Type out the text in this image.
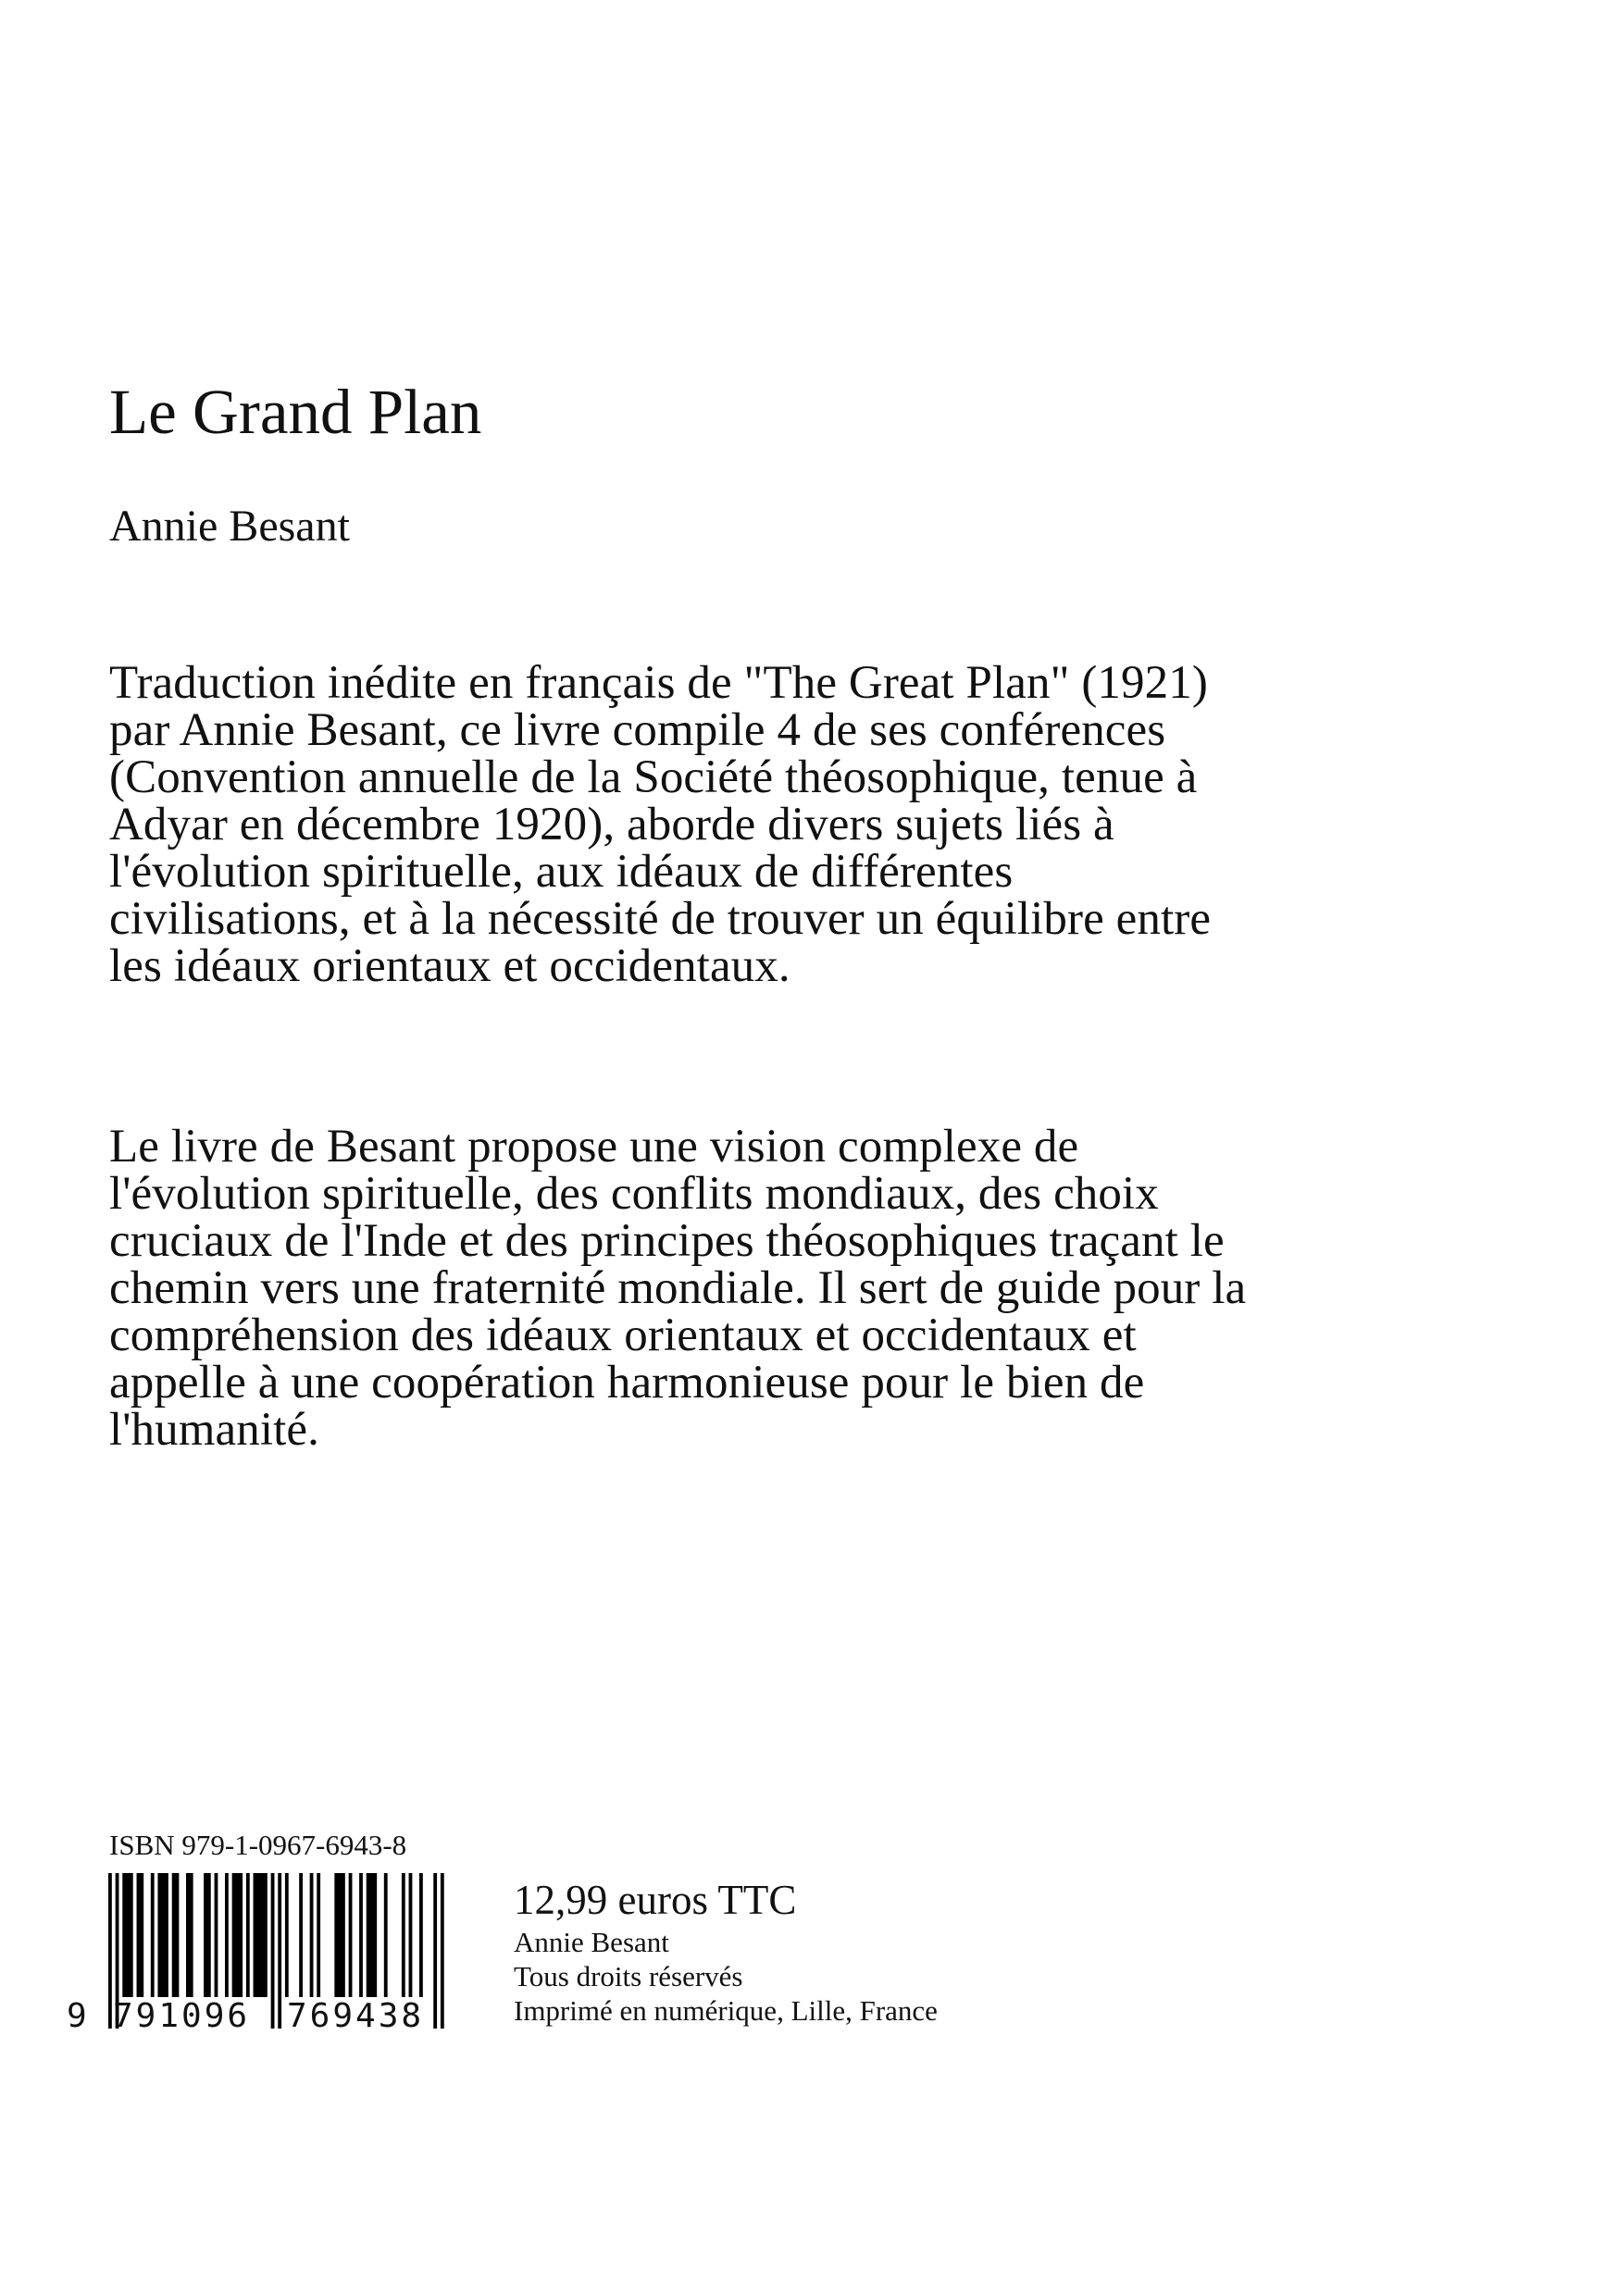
Le Grand Plan
Annie Besant
Traduction inédite en français de "The Great Plan" (1921) par Annie Besant, ce livre compile 4 de ses conférences (Convention annuelle de la Société théosophique, tenue à Adyar en décembre 1920), aborde divers sujets liés à l'évolution spirituelle, aux idéaux de différentes civilisations, et à la nécessité de trouver un équilibre entre les idéaux orientaux et occidentaux.
Le livre de Besant propose une vision complexe de l'évolution spirituelle, des conflits mondiaux, des choix cruciaux de l'Inde et des principes théosophiques traçant le chemin vers une fraternité mondiale. Il sert de guide pour la compréhension des idéaux orientaux et occidentaux et appelle à une coopération harmonieuse pour le bien de l'humanité.
ISBN 979-1-0967-6943-8
9 791096 769438
12,99 euros TTC
Annie Besant
Tous droits réservés
Imprimé en numérique, Lille, France
